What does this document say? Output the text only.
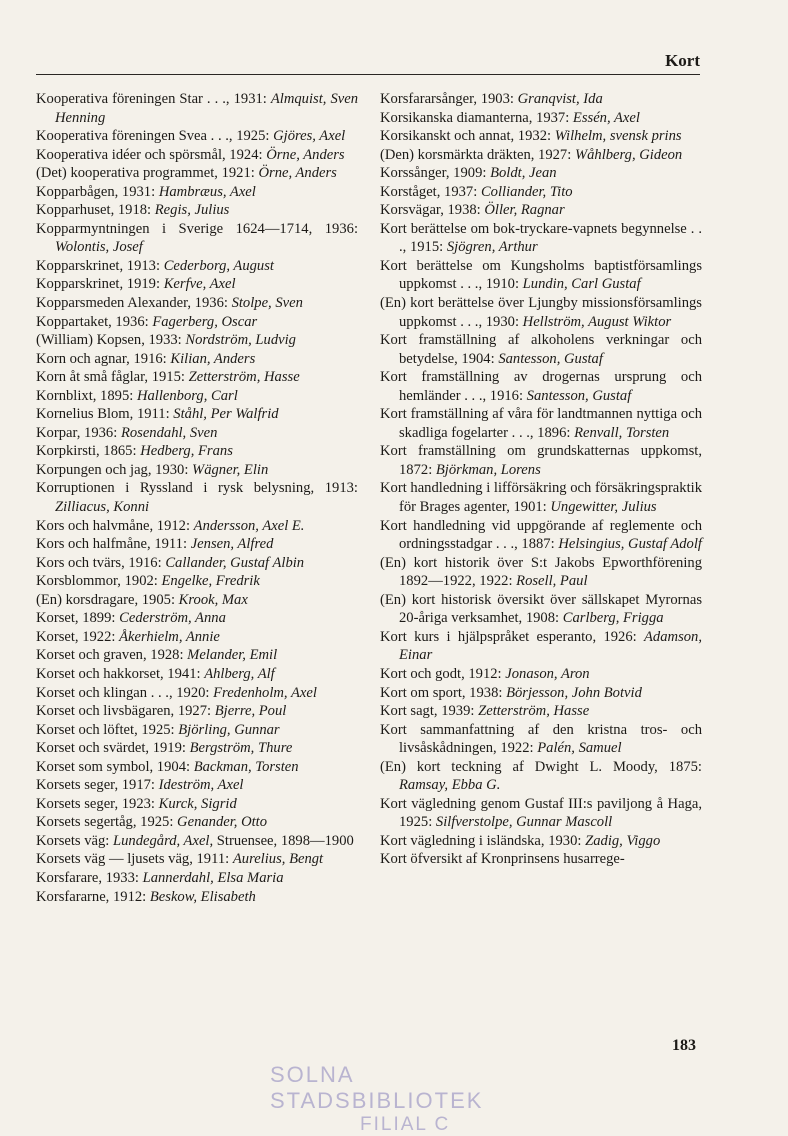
Kort

Kooperativa föreningen Star . . ., 1931: Almquist, Sven Henning

Kooperativa föreningen Svea . . ., 1925: Gjöres, Axel

Kooperativa idéer och spörsmål, 1924: Örne, Anders

(Det) kooperativa programmet, 1921: Örne, Anders

Kopparbågen, 1931: Hambræus, Axel

Kopparhuset, 1918: Regis, Julius

Kopparmyntningen i Sverige 1624—1714, 1936: Wolontis, Josef

Kopparskrinet, 1913: Cederborg, August

Kopparskrinet, 1919: Kerfve, Axel

Kopparsmeden Alexander, 1936: Stolpe, Sven

Koppartaket, 1936: Fagerberg, Oscar

(William) Kopsen, 1933: Nordström, Ludvig

Korn och agnar, 1916: Kilian, Anders

Korn åt små fåglar, 1915: Zetterström, Hasse

Kornblixt, 1895: Hallenborg, Carl

Kornelius Blom, 1911: Ståhl, Per Walfrid

Korpar, 1936: Rosendahl, Sven

Korpkirsti, 1865: Hedberg, Frans

Korpungen och jag, 1930: Wägner, Elin

Korruptionen i Ryssland i rysk belysning, 1913: Zilliacus, Konni

Kors och halvmåne, 1912: Andersson, Axel E.

Kors och halfmåne, 1911: Jensen, Alfred

Kors och tvärs, 1916: Callander, Gustaf Albin

Korsblommor, 1902: Engelke, Fredrik

(En) korsdragare, 1905: Krook, Max

Korset, 1899: Cederström, Anna

Korset, 1922: Åkerhielm, Annie

Korset och graven, 1928: Melander, Emil

Korset och hakkorset, 1941: Ahlberg, Alf

Korset och klingan . . ., 1920: Fredenholm, Axel

Korset och livsbägaren, 1927: Bjerre, Poul

Korset och löftet, 1925: Björling, Gunnar

Korset och svärdet, 1919: Bergström, Thure

Korset som symbol, 1904: Backman, Torsten

Korsets seger, 1917: Ideström, Axel

Korsets seger, 1923: Kurck, Sigrid

Korsets segertåg, 1925: Genander, Otto

Korsets väg: Lundegård, Axel, Struensee, 1898—1900

Korsets väg — ljusets väg, 1911: Aurelius, Bengt

Korsfarare, 1933: Lannerdahl, Elsa Maria

Korsfararne, 1912: Beskow, Elisabeth

Korsfararsånger, 1903: Granqvist, Ida

Korsikanska diamanterna, 1937: Essén, Axel

Korsikanskt och annat, 1932: Wilhelm, svensk prins

(Den) korsmärkta dräkten, 1927: Wåhlberg, Gideon

Korssånger, 1909: Boldt, Jean

Korståget, 1937: Colliander, Tito

Korsvägar, 1938: Öller, Ragnar

Kort berättelse om bok-tryckare-vapnets begynnelse . . ., 1915: Sjögren, Arthur

Kort berättelse om Kungsholms baptistförsamlings uppkomst . . ., 1910: Lundin, Carl Gustaf

(En) kort berättelse över Ljungby missionsförsamlings uppkomst . . ., 1930: Hellström, August Wiktor

Kort framställning af alkoholens verkningar och betydelse, 1904: Santesson, Gustaf

Kort framställning av drogernas ursprung och hemländer . . ., 1916: Santesson, Gustaf

Kort framställning af våra för landtmannen nyttiga och skadliga fogelarter . . ., 1896: Renvall, Torsten

Kort framställning om grundskatternas uppkomst, 1872: Björkman, Lorens

Kort handledning i lifförsäkring och försäkringspraktik för Brages agenter, 1901: Ungewitter, Julius

Kort handledning vid uppgörande af reglemente och ordningsstadgar . . ., 1887: Helsingius, Gustaf Adolf

(En) kort historik över S:t Jakobs Epworthförening 1892—1922, 1922: Rosell, Paul

(En) kort historisk översikt över sällskapet Myrornas 20-åriga verksamhet, 1908: Carlberg, Frigga

Kort kurs i hjälpspråket esperanto, 1926: Adamson, Einar

Kort och godt, 1912: Jonason, Aron

Kort om sport, 1938: Börjesson, John Botvid

Kort sagt, 1939: Zetterström, Hasse

Kort sammanfattning af den kristna tros- och livsåskådningen, 1922: Palén, Samuel

(En) kort teckning af Dwight L. Moody, 1875: Ramsay, Ebba G.

Kort vägledning genom Gustaf III:s paviljong å Haga, 1925: Silfverstolpe, Gunnar Mascoll

Kort vägledning i isländska, 1930: Zadig, Viggo

Kort öfversikt af Kronprinsens husarrege-

183
SOLNA STADSBIBLIOTEK
FILIAL C
